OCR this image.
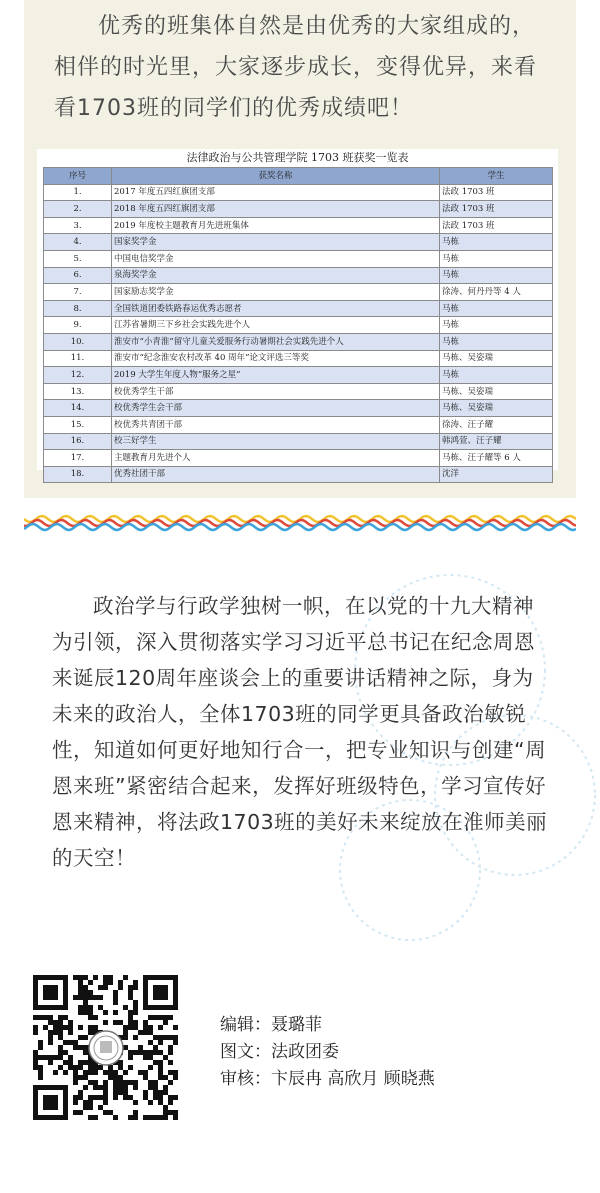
优秀的班集体自然是由优秀的大家组成的，相伴的时光里，大家逐步成长，变得优异，来看看1703班的同学们的优秀成绩吧！

法律政治与公共管理学院 1703 班获奖一览表
序号	获奖名称	学生
1.	2017 年度五四红旗团支部	法政 1703 班
2.	2018 年度五四红旗团支部	法政 1703 班
3.	2019 年度校主题教育月先进班集体	法政 1703 班
4.	国家奖学金	马栋
5.	中国电信奖学金	马栋
6.	泉海奖学金	马栋
7.	国家励志奖学金	徐涛、何丹丹等 4 人
8.	全国铁道团委铁路春运优秀志愿者	马栋
9.	江苏省暑期三下乡社会实践先进个人	马栋
10.	淮安市“小青淮”留守儿童关爱服务行动暑期社会实践先进个人	马栋
11.	淮安市“纪念淮安农村改革 40 周年”论文评选三等奖	马栋、吴姿瑞
12.	2019 大学生年度人物“服务之星”	马栋
13.	校优秀学生干部	马栋、吴姿瑞
14.	校优秀学生会干部	马栋、吴姿瑞
15.	校优秀共青团干部	徐涛、汪子耀
16.	校三好学生	韩鸿萱、汪子耀
17.	主题教育月先进个人	马栋、汪子耀等 6 人
18.	优秀社团干部	沈洋

政治学与行政学独树一帜，在以党的十九大精神为引领，深入贯彻落实学习习近平总书记在纪念周恩来诞辰120周年座谈会上的重要讲话精神之际，身为未来的政治人，全体1703班的同学更具备政治敏锐性，知道如何更好地知行合一，把专业知识与创建“周恩来班”紧密结合起来，发挥好班级特色，学习宣传好恩来精神，将法政1703班的美好未来绽放在淮师美丽的天空！

编辑：聂璐菲
图文：法政团委
审核：卞辰冉 高欣月 顾晓燕
